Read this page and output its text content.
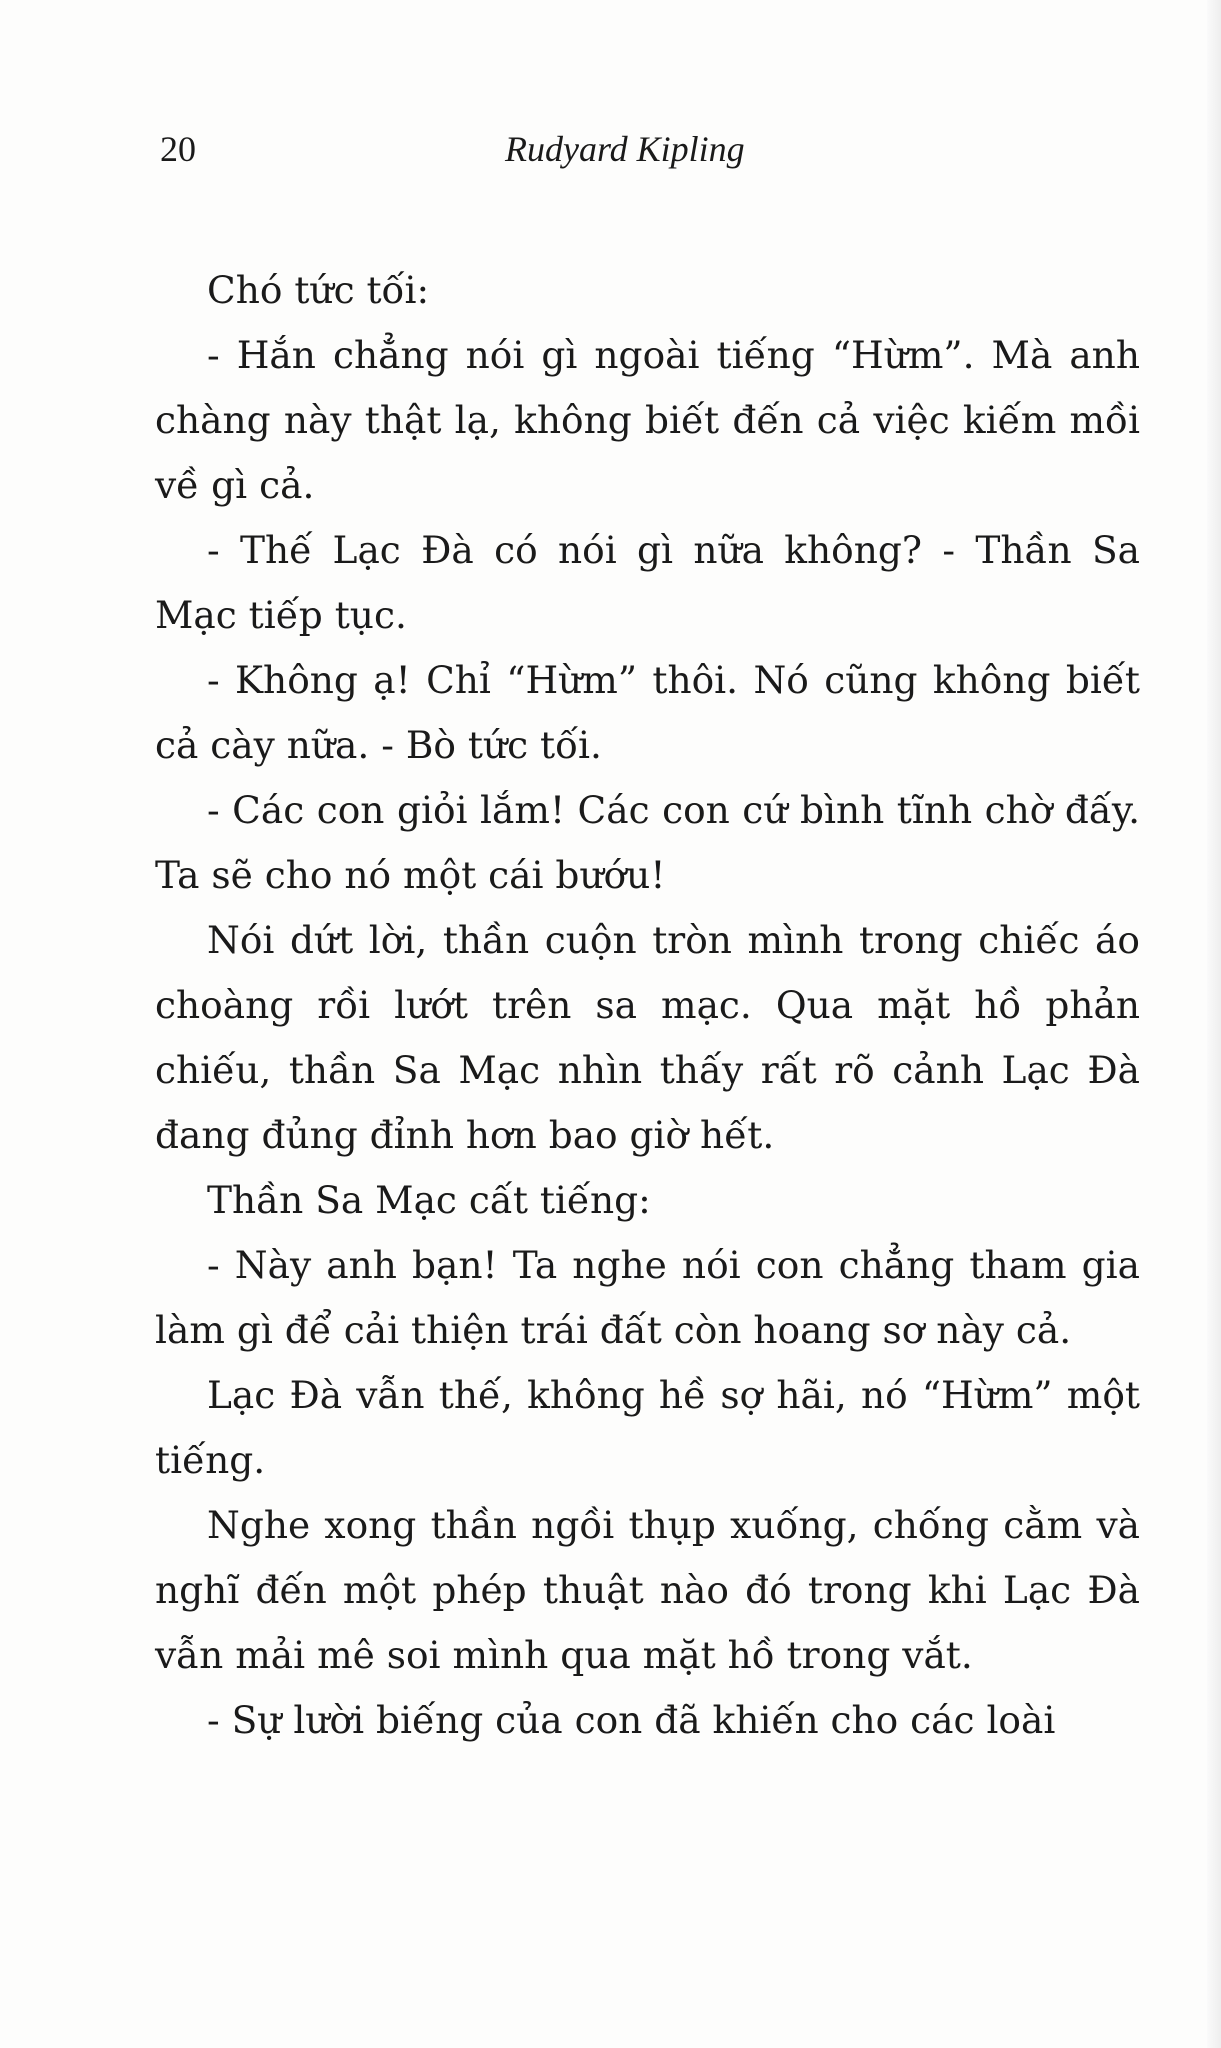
20	Rudyard Kipling

Chó tức tối:

- Hắn chẳng nói gì ngoài tiếng “Hừm”. Mà anh chàng này thật lạ, không biết đến cả việc kiếm mồi về gì cả.

- Thế Lạc Đà có nói gì nữa không? - Thần Sa Mạc tiếp tục.

- Không ạ! Chỉ “Hừm” thôi. Nó cũng không biết cả cày nữa. - Bò tức tối.

- Các con giỏi lắm! Các con cứ bình tĩnh chờ đấy. Ta sẽ cho nó một cái bướu!

Nói dứt lời, thần cuộn tròn mình trong chiếc áo choàng rồi lướt trên sa mạc. Qua mặt hồ phản chiếu, thần Sa Mạc nhìn thấy rất rõ cảnh Lạc Đà đang đủng đỉnh hơn bao giờ hết.

Thần Sa Mạc cất tiếng:

- Này anh bạn! Ta nghe nói con chẳng tham gia làm gì để cải thiện trái đất còn hoang sơ này cả.

Lạc Đà vẫn thế, không hề sợ hãi, nó “Hừm” một tiếng.

Nghe xong thần ngồi thụp xuống, chống cằm và nghĩ đến một phép thuật nào đó trong khi Lạc Đà vẫn mải mê soi mình qua mặt hồ trong vắt.

- Sự lười biếng của con đã khiến cho các loài
